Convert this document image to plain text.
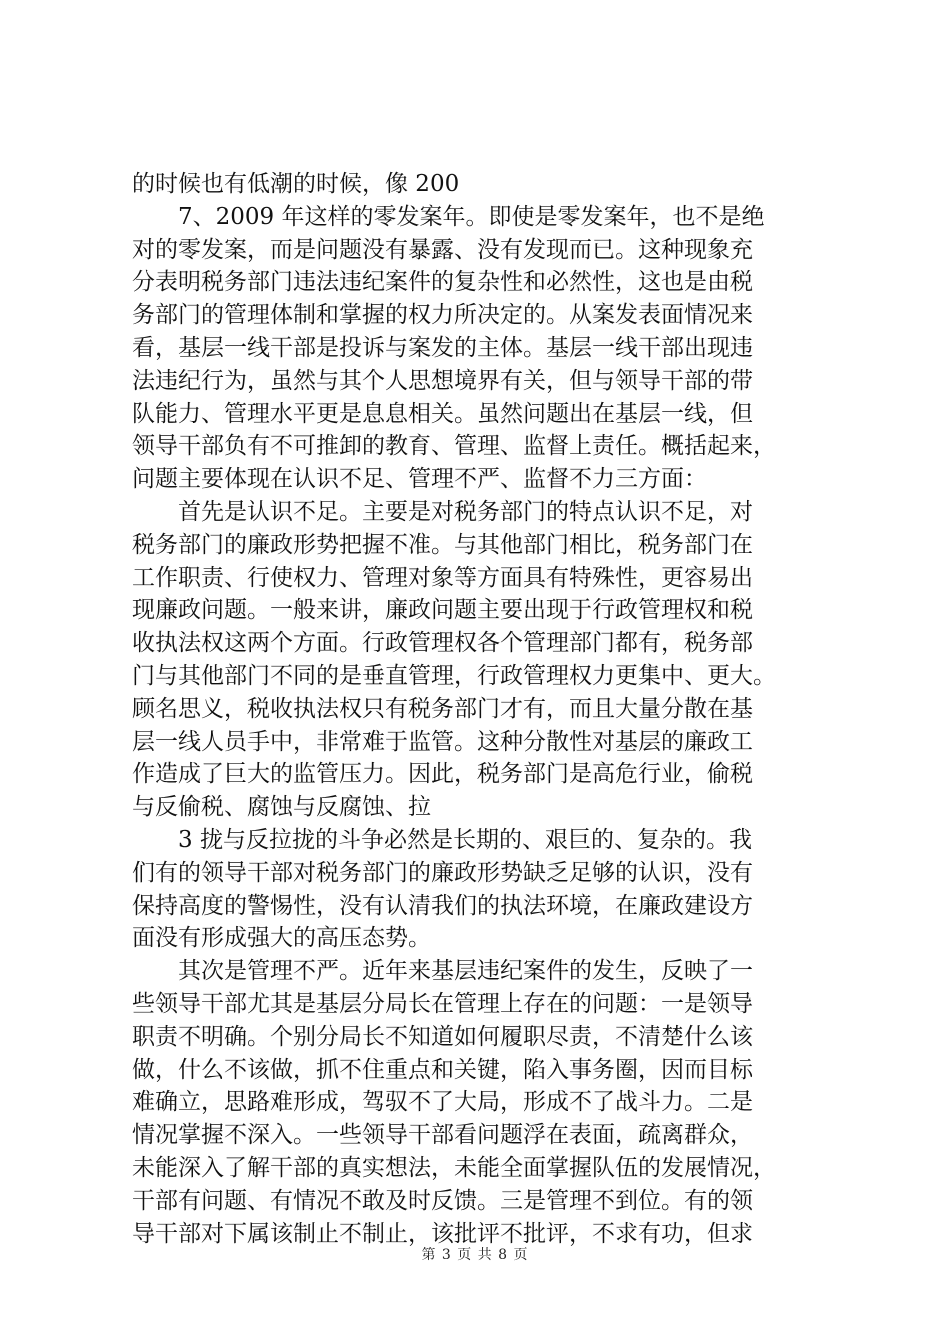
的时候也有低潮的时候，像 200
7、2009 年这样的零发案年。即使是零发案年，也不是绝
对的零发案，而是问题没有暴露、没有发现而已。这种现象充
分表明税务部门违法违纪案件的复杂性和必然性，这也是由税
务部门的管理体制和掌握的权力所决定的。从案发表面情况来
看，基层一线干部是投诉与案发的主体。基层一线干部出现违
法违纪行为，虽然与其个人思想境界有关，但与领导干部的带
队能力、管理水平更是息息相关。虽然问题出在基层一线，但
领导干部负有不可推卸的教育、管理、监督上责任。概括起来，
问题主要体现在认识不足、管理不严、监督不力三方面：
首先是认识不足。主要是对税务部门的特点认识不足，对
税务部门的廉政形势把握不准。与其他部门相比，税务部门在
工作职责、行使权力、管理对象等方面具有特殊性，更容易出
现廉政问题。一般来讲，廉政问题主要出现于行政管理权和税
收执法权这两个方面。行政管理权各个管理部门都有，税务部
门与其他部门不同的是垂直管理，行政管理权力更集中、更大。
顾名思义，税收执法权只有税务部门才有，而且大量分散在基
层一线人员手中，非常难于监管。这种分散性对基层的廉政工
作造成了巨大的监管压力。因此，税务部门是高危行业，偷税
与反偷税、腐蚀与反腐蚀、拉
3 拢与反拉拢的斗争必然是长期的、艰巨的、复杂的。我
们有的领导干部对税务部门的廉政形势缺乏足够的认识，没有
保持高度的警惕性，没有认清我们的执法环境，在廉政建设方
面没有形成强大的高压态势。
其次是管理不严。近年来基层违纪案件的发生，反映了一
些领导干部尤其是基层分局长在管理上存在的问题：一是领导
职责不明确。个别分局长不知道如何履职尽责，不清楚什么该
做，什么不该做，抓不住重点和关键，陷入事务圈，因而目标
难确立，思路难形成，驾驭不了大局，形成不了战斗力。二是
情况掌握不深入。一些领导干部看问题浮在表面，疏离群众，
未能深入了解干部的真实想法，未能全面掌握队伍的发展情况，
干部有问题、有情况不敢及时反馈。三是管理不到位。有的领
导干部对下属该制止不制止，该批评不批评，不求有功，但求
第 3 页 共 8 页
